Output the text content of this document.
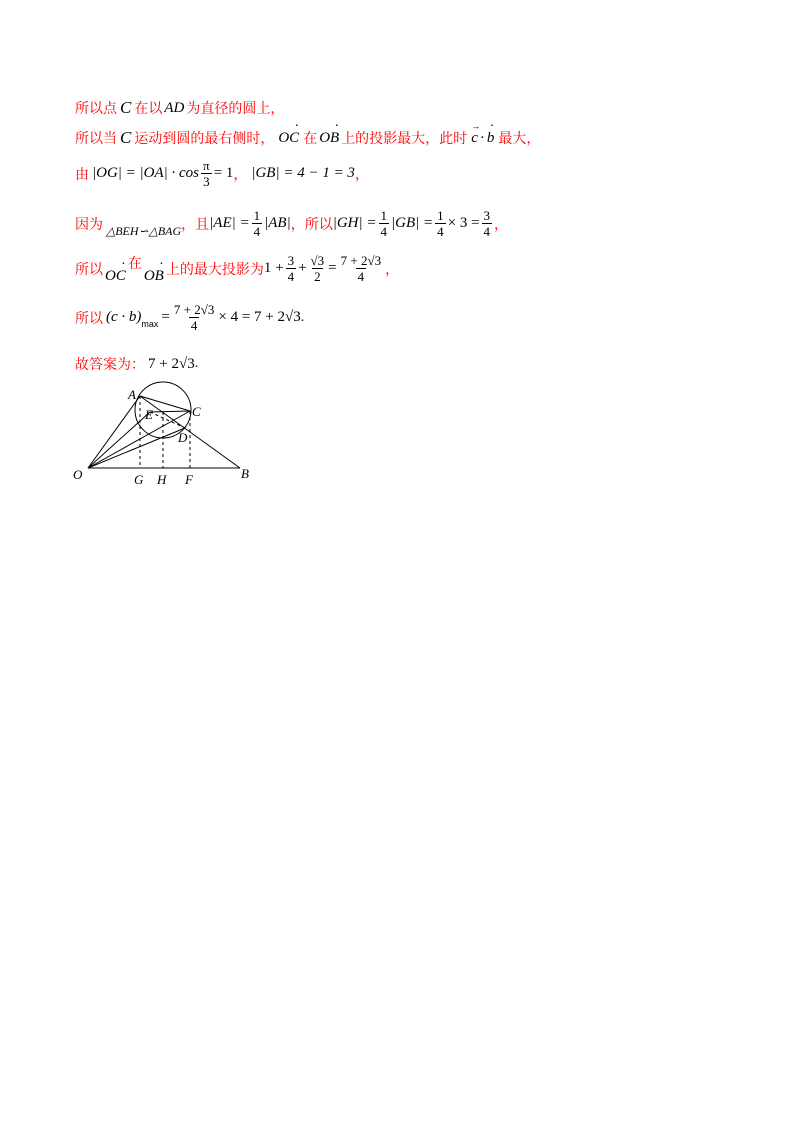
所以点 C 在以 AD 为直径的圆上，
所以当 C 运动到圆的最右侧时， · OC 在 · OB 上的投影最大，此时 → c · · b 最大，
由 $|OG| = |OA| \cdot \cos \frac{\pi}{3} = 1$ ， |GB| = 4 − 1 = 3 ，
因为 △BEH∽△BAG ，且 $|AE| = \frac{1}{4} |AB|$ ，所以 $|GH| = \frac{1}{4} |GB| = \frac{1}{4} \times 3 = \frac{3}{4}$ ，
所以 · OC
在
· OB 上的最大投影为 $1 + \frac{3}{4} + \frac{√3}{2} = \frac{7 + 2√3}{4}$ ，
所以 (c · b) $\max = \frac{7 + 2√3}{4} \times 4 = 7 + 2√3$ .
故答案为： 7 + 2√3 .
A
E	C
D
O	G H F	B
